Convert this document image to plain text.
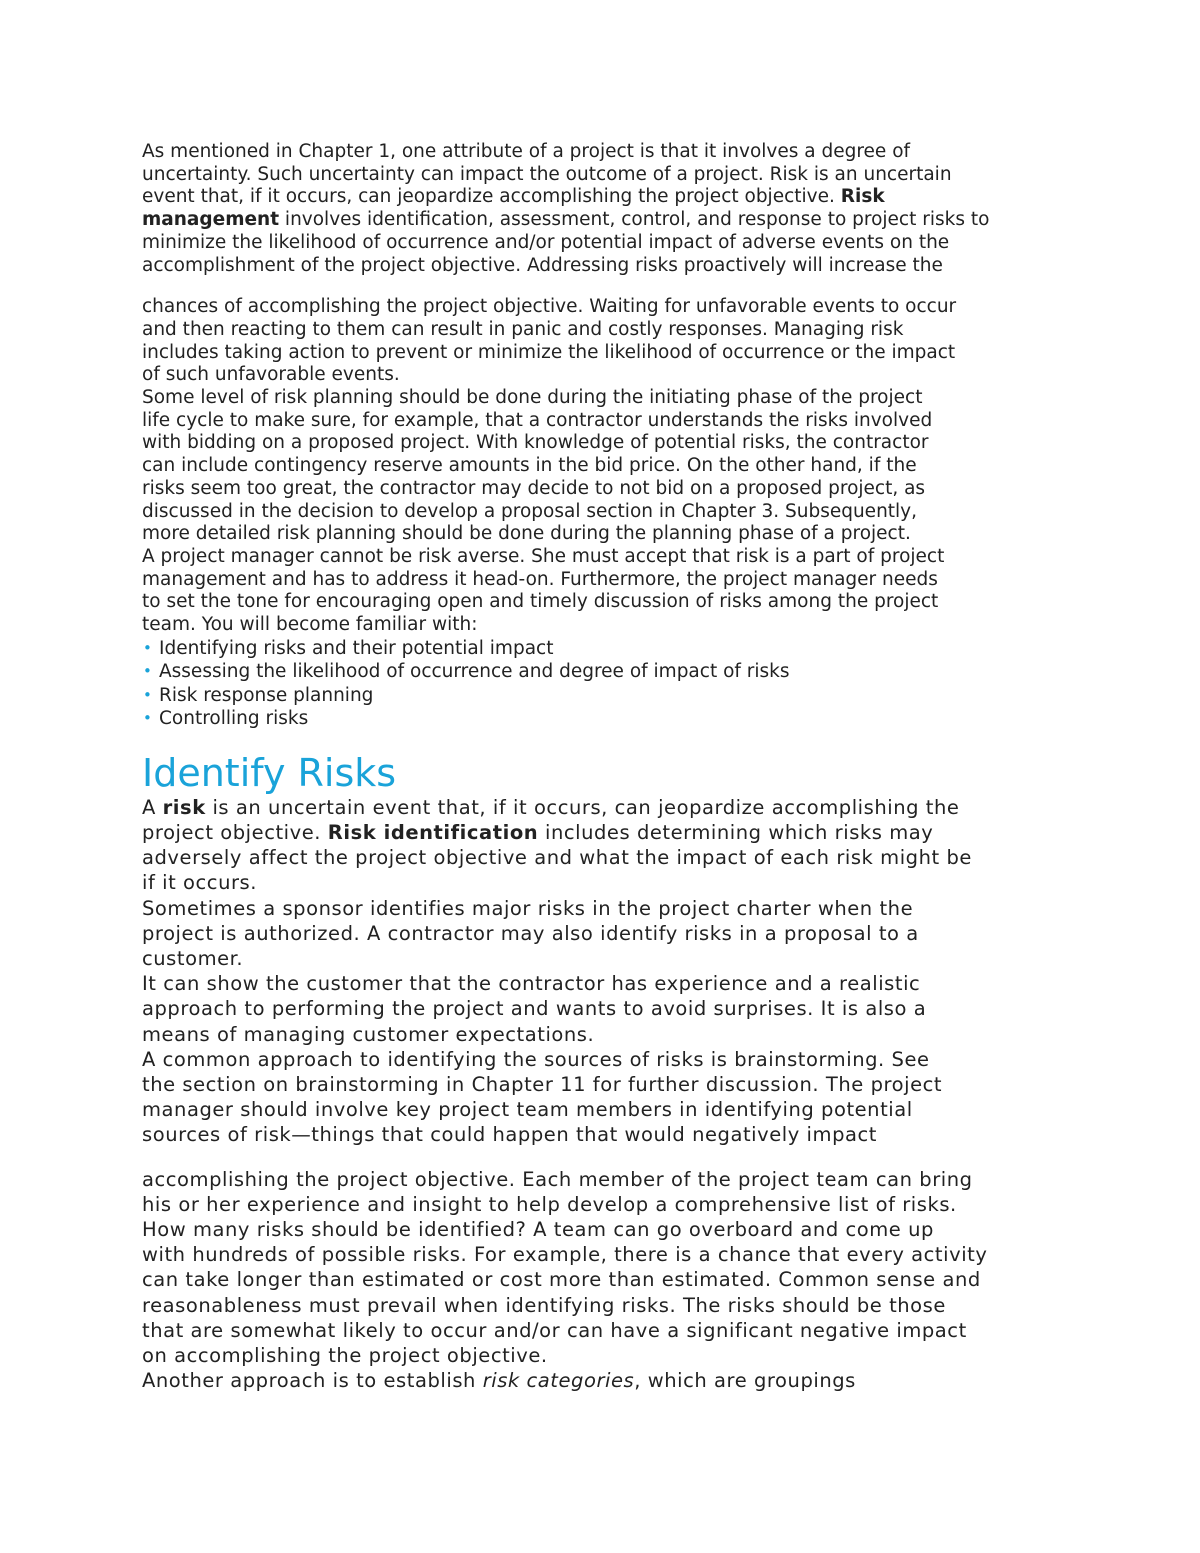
As mentioned in Chapter 1, one attribute of a project is that it involves a degree of

uncertainty. Such uncertainty can impact the outcome of a project. Risk is an uncertain

event that, if it occurs, can jeopardize accomplishing the project objective. Risk

management involves identification, assessment, control, and response to project risks to

minimize the likelihood of occurrence and/or potential impact of adverse events on the

accomplishment of the project objective. Addressing risks proactively will increase the

chances of accomplishing the project objective. Waiting for unfavorable events to occur

and then reacting to them can result in panic and costly responses. Managing risk

includes taking action to prevent or minimize the likelihood of occurrence or the impact

of such unfavorable events.

Some level of risk planning should be done during the initiating phase of the project

life cycle to make sure, for example, that a contractor understands the risks involved

with bidding on a proposed project. With knowledge of potential risks, the contractor

can include contingency reserve amounts in the bid price. On the other hand, if the

risks seem too great, the contractor may decide to not bid on a proposed project, as

discussed in the decision to develop a proposal section in Chapter 3. Subsequently,

more detailed risk planning should be done during the planning phase of a project.

A project manager cannot be risk averse. She must accept that risk is a part of project

management and has to address it head-on. Furthermore, the project manager needs

to set the tone for encouraging open and timely discussion of risks among the project

team. You will become familiar with:

• Identifying risks and their potential impact
• Assessing the likelihood of occurrence and degree of impact of risks
• Risk response planning
• Controlling risks
Identify Risks

A risk is an uncertain event that, if it occurs, can jeopardize accomplishing the

project objective. Risk identification includes determining which risks may

adversely affect the project objective and what the impact of each risk might be

if it occurs.

Sometimes a sponsor identifies major risks in the project charter when the

project is authorized. A contractor may also identify risks in a proposal to a

customer.

It can show the customer that the contractor has experience and a realistic

approach to performing the project and wants to avoid surprises. It is also a

means of managing customer expectations.

A common approach to identifying the sources of risks is brainstorming. See

the section on brainstorming in Chapter 11 for further discussion. The project

manager should involve key project team members in identifying potential

sources of risk—things that could happen that would negatively impact

accomplishing the project objective. Each member of the project team can bring

his or her experience and insight to help develop a comprehensive list of risks.

How many risks should be identified? A team can go overboard and come up

with hundreds of possible risks. For example, there is a chance that every activity

can take longer than estimated or cost more than estimated. Common sense and

reasonableness must prevail when identifying risks. The risks should be those

that are somewhat likely to occur and/or can have a significant negative impact

on accomplishing the project objective.

Another approach is to establish risk categories, which are groupings
